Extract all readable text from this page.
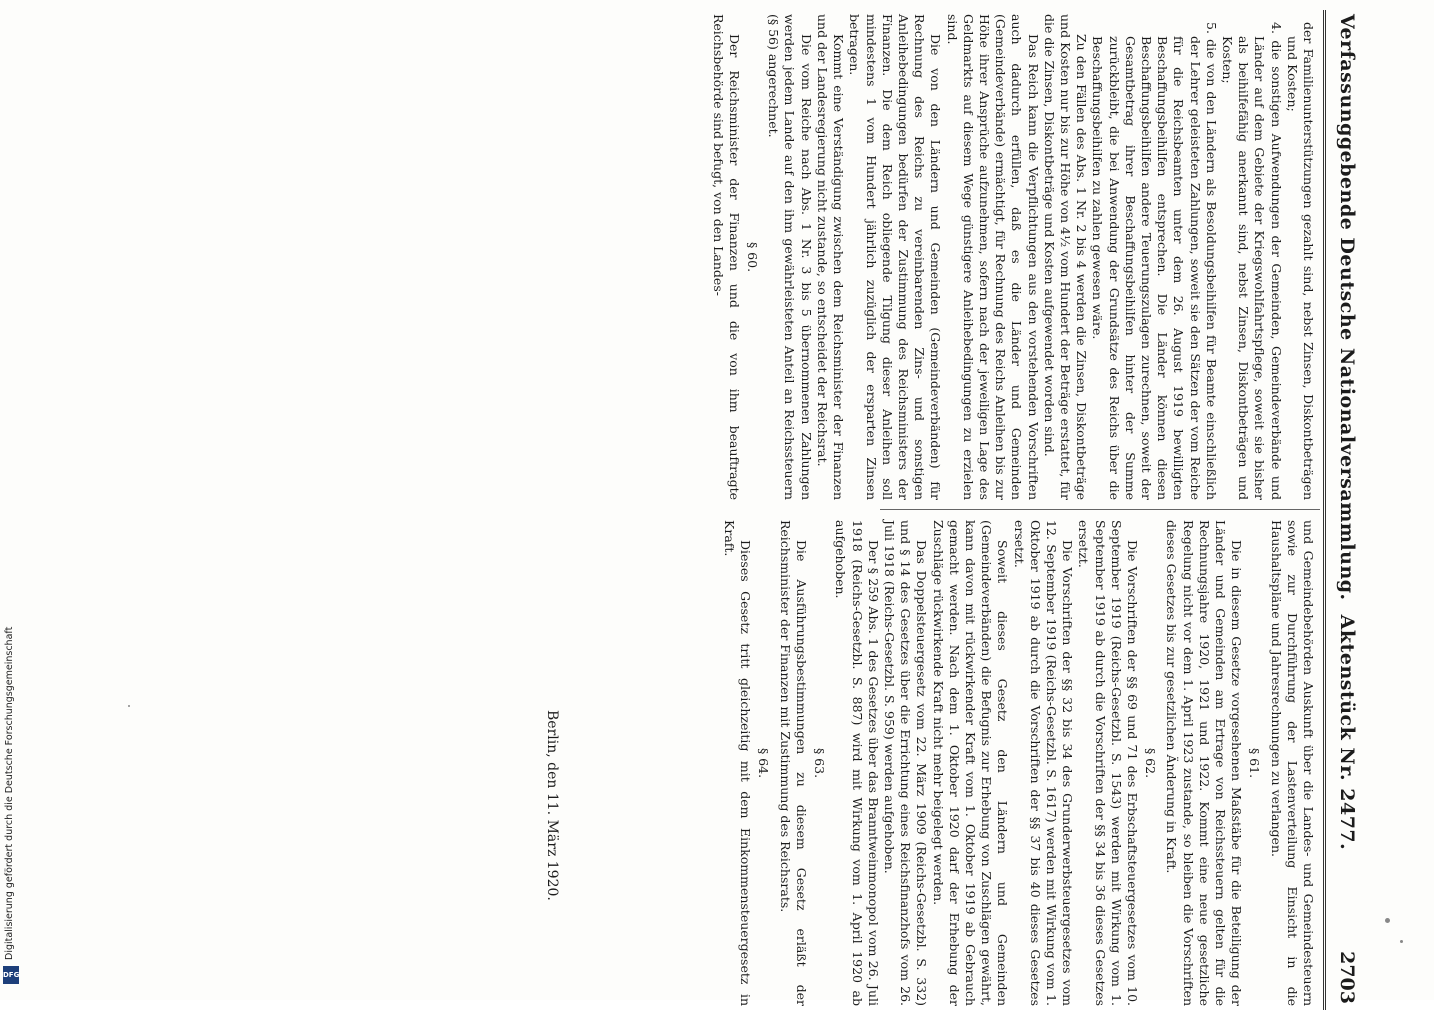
Verfassunggebende Deutsche Nationalversammlung.Aktenstück Nr. 2477.
2703

der Familienunterstützungen gezahlt sind, nebst Zinsen, Diskontbeträgen und Kosten;

4. die sonstigen Aufwendungen der Gemeinden, Gemeindeverbände und Länder auf dem Gebiete der Kriegswohlfahrtspflege, soweit sie bisher als beihilfefähig anerkannt sind, nebst Zinsen, Diskontbeträgen und Kosten;

5. die von den Ländern als Besoldungsbeihilfen für Beamte einschließlich der Lehrer geleisteten Zahlungen, soweit sie den Sätzen der vom Reiche für die Reichsbeamten unter dem 26. August 1919 bewilligten Beschaffungsbeihilfen entsprechen. Die Länder können diesen Beschaffungsbeihilfen andere Teuerungszulagen zurechnen, soweit der Gesamtbetrag ihrer Beschaffungsbeihilfen hinter der Summe zurückbleibt, die bei Anwendung der Grundsätze des Reichs über die Beschaffungsbeihilfen zu zahlen gewesen wäre.

Zu den Fällen des Abs. 1 Nr. 2 bis 4 werden die Zinsen, Diskontbeträge und Kosten nur bis zur Höhe von 4½ vom Hundert der Beträge erstattet, für die die Zinsen, Diskontbeträge und Kosten aufgewendet worden sind.

Das Reich kann die Verpflichtungen aus den vorstehenden Vorschriften auch dadurch erfüllen, daß es die Länder und Gemeinden (Gemeindeverbände) ermächtigt, für Rechnung des Reichs Anleihen bis zur Höhe ihrer Ansprüche aufzunehmen, sofern nach der jeweiligen Lage des Geldmarkts auf diesem Wege günstigere Anleihebedingungen zu erzielen sind.

Die von den Ländern und Gemeinden (Gemeindeverbänden) für Rechnung des Reichs zu vereinbarenden Zins- und sonstigen Anleihebedingungen bedürfen der Zustimmung des Reichsministers der Finanzen. Die dem Reich obliegende Tilgung dieser Anleihen soll mindestens 1 vom Hundert jährlich zuzüglich der ersparten Zinsen betragen.

Kommt eine Verständigung zwischen dem Reichsminister der Finanzen und der Landesregierung nicht zustande, so entscheidet der Reichsrat.

Die vom Reiche nach Abs. 1 Nr. 3 bis 5 übernommenen Zahlungen werden jedem Lande auf den ihm gewährleisteten Anteil an Reichssteuern (§ 56) angerechnet.

§ 60.

Der Reichsminister der Finanzen und die von ihm beauftragte Reichsbehörde sind befugt, von den Landes-

und Gemeindebehörden Auskunft über die Landes- und Gemeindesteuern sowie zur Durchführung der Lastenverteilung Einsicht in die Haushaltspläne und Jahresrechnungen zu verlangen.

§ 61.

Die in diesem Gesetze vorgesehenen Maßstäbe für die Beteiligung der Länder und Gemeinden am Ertrage von Reichssteuern gelten für die Rechnungsjahre 1920, 1921 und 1922. Kommt eine neue gesetzliche Regelung nicht vor dem 1. April 1923 zustande, so bleiben die Vorschriften dieses Gesetzes bis zur gesetzlichen Änderung in Kraft.

§ 62.

Die Vorschriften der §§ 69 und 71 des Erbschaftsteuergesetzes vom 10. September 1919 (Reichs-Gesetzbl. S. 1543) werden mit Wirkung vom 1. September 1919 ab durch die Vorschriften der §§ 34 bis 36 dieses Gesetzes ersetzt.

Die Vorschriften der §§ 32 bis 34 des Grunderwerbsteuergesetzes vom 12. September 1919 (Reichs-Gesetzbl. S. 1617) werden mit Wirkung vom 1. Oktober 1919 ab durch die Vorschriften der §§ 37 bis 40 dieses Gesetzes ersetzt.

Soweit dieses Gesetz den Ländern und Gemeinden (Gemeindeverbänden) die Befugnis zur Erhebung von Zuschlägen gewährt, kann davon mit rückwirkender Kraft vom 1. Oktober 1919 ab Gebrauch gemacht werden. Nach dem 1. Oktober 1920 darf der Erhebung der Zuschläge rückwirkende Kraft nicht mehr beigelegt werden.

Das Doppelsteuergesetz vom 22. März 1909 (Reichs-Gesetzbl. S. 332) und § 14 des Gesetzes über die Errichtung eines Reichsfinanzhofs vom 26. Juli 1918 (Reichs-Gesetzbl. S. 959) werden aufgehoben.

Der § 259 Abs. 1 des Gesetzes über das Branntweinmonopol vom 26. Juli 1918 (Reichs-Gesetzbl. S. 887) wird mit Wirkung vom 1. April 1920 ab aufgehoben.

§ 63.

Die Ausführungsbestimmungen zu diesem Gesetz erläßt der Reichsminister der Finanzen mit Zustimmung des Reichsrats.

§ 64.

Dieses Gesetz tritt gleichzeitig mit dem Einkommensteuergesetz in Kraft.

Berlin, den 11. März 1920.
Digitalisierung gefördert durch die Deutsche Forschungsgemeinschaft
DFG
